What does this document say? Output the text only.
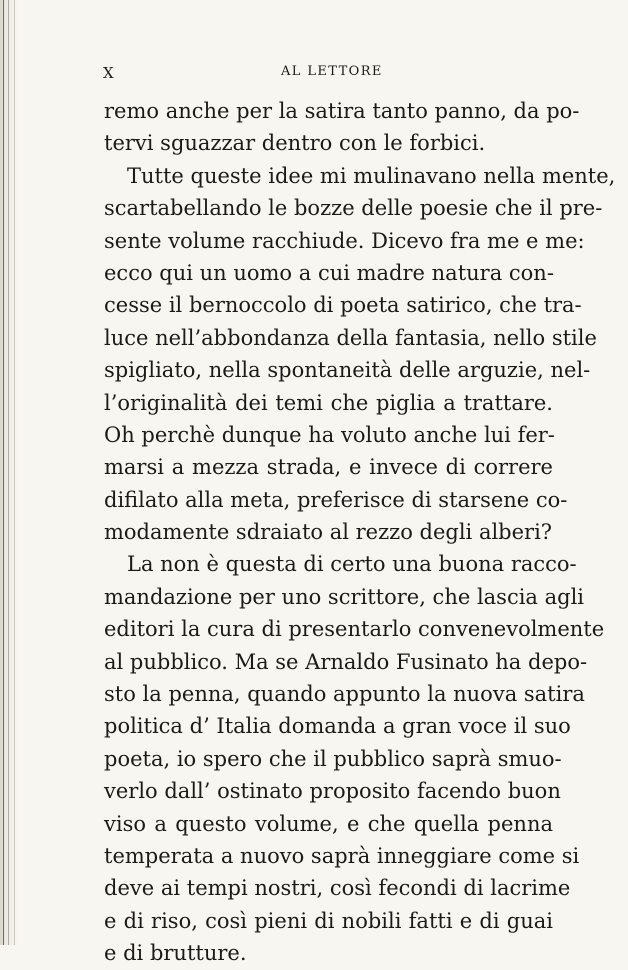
X	AL LETTORE
remo anche per la satira tanto panno, da po-
tervi sguazzar dentro con le forbici.
Tutte queste idee mi mulinavano nella mente,
scartabellando le bozze delle poesie che il pre-
sente volume racchiude. Dicevo fra me e me:
ecco qui un uomo a cui madre natura con-
cesse il bernoccolo di poeta satirico, che tra-
luce nell’abbondanza della fantasia, nello stile
spigliato, nella spontaneità delle arguzie, nel-
l’originalità dei temi che piglia a trattare.
Oh perchè dunque ha voluto anche lui fer-
marsi a mezza strada, e invece di correre
difilato alla meta, preferisce di starsene co-
modamente sdraiato al rezzo degli alberi?
La non è questa di certo una buona racco-
mandazione per uno scrittore, che lascia agli
editori la cura di presentarlo convenevolmente
al pubblico. Ma se Arnaldo Fusinato ha depo-
sto la penna, quando appunto la nuova satira
politica d’ Italia domanda a gran voce il suo
poeta, io spero che il pubblico saprà smuo-
verlo dall’ ostinato proposito facendo buon
viso a questo volume, e che quella penna
temperata a nuovo saprà inneggiare come si
deve ai tempi nostri, così fecondi di lacrime
e di riso, così pieni di nobili fatti e di guai
e di brutture.
